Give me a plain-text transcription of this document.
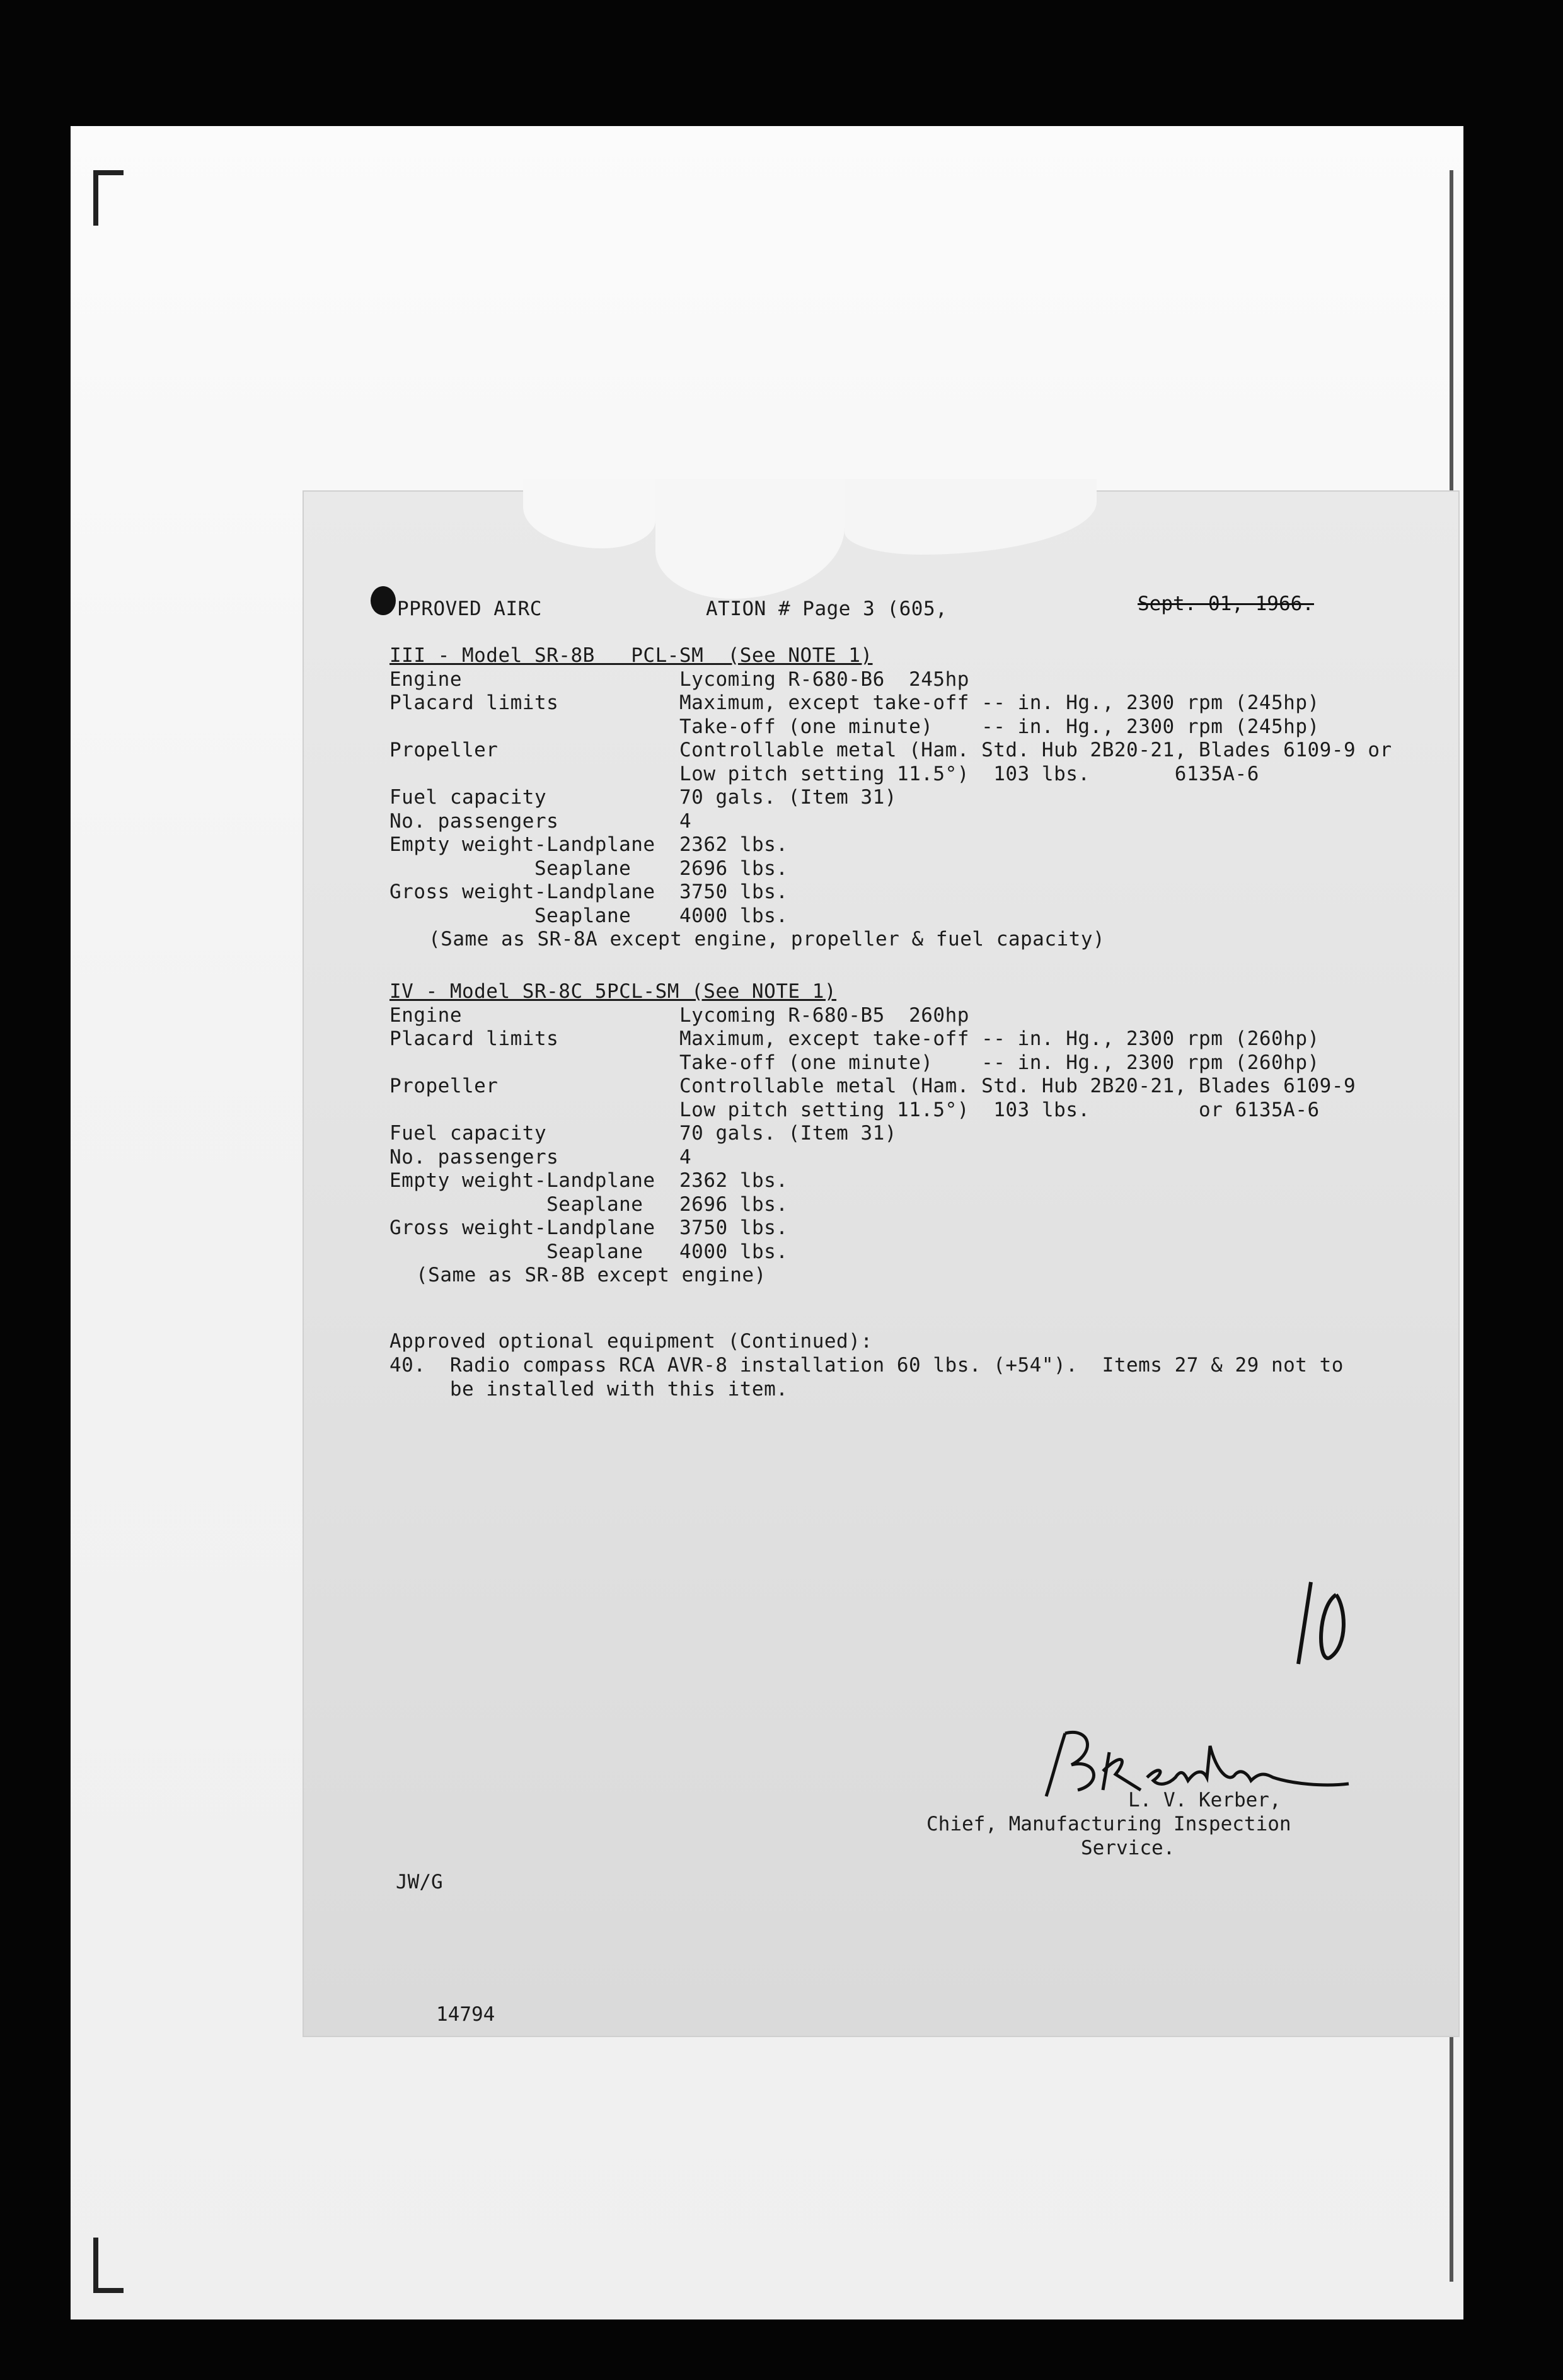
PPROVED AIRC	ATION # Page 3 (605,	Sept. 01, 1966.
III - Model SR-8B   PCL-SM  (See NOTE 1)
Engine	Lycoming R-680-B6  245hp
Placard limits	Maximum, except take-off -- in. Hg., 2300 rpm (245hp)
Take-off (one minute)    -- in. Hg., 2300 rpm (245hp)
Propeller	Controllable metal (Ham. Std. Hub 2B20-21, Blades 6109-9 or
Low pitch setting 11.5°)  103 lbs.       6135A-6
Fuel capacity	70 gals. (Item 31)
No. passengers	4
Empty weight-Landplane 2362 lbs.
Seaplane 2696 lbs.
Gross weight-Landplane 3750 lbs.
Seaplane 4000 lbs.
(Same as SR-8A except engine, propeller & fuel capacity)
IV - Model SR-8C 5PCL-SM (See NOTE 1)
Engine	Lycoming R-680-B5  260hp
Placard limits	Maximum, except take-off -- in. Hg., 2300 rpm (260hp)
Take-off (one minute)    -- in. Hg., 2300 rpm (260hp)
Propeller	Controllable metal (Ham. Std. Hub 2B20-21, Blades 6109-9
Low pitch setting 11.5°)  103 lbs.         or 6135A-6
Fuel capacity	70 gals. (Item 31)
No. passengers	4
Empty weight-Landplane 2362 lbs.
Seaplane 2696 lbs.
Gross weight-Landplane 3750 lbs.
Seaplane 4000 lbs.
(Same as SR-8B except engine)
Approved optional equipment (Continued):
40.  Radio compass RCA AVR-8 installation 60 lbs. (+54").  Items 27 & 29 not to
be installed with this item.
L. V. Kerber,
Chief, Manufacturing Inspection
Service.
JW/G
14794
